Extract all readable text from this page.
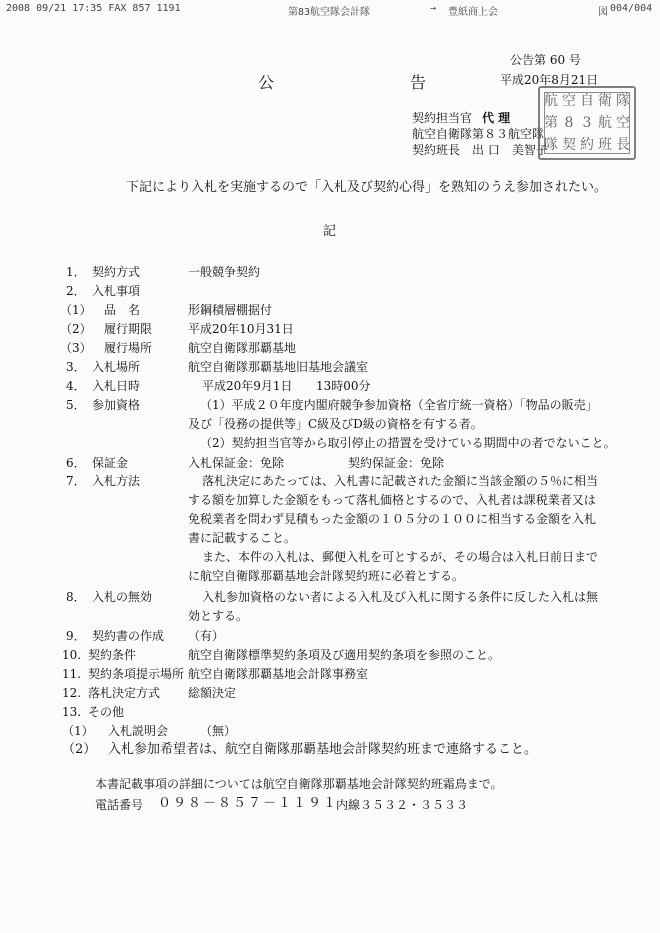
2008 09/21 17:35 FAX 857 1191	第83航空隊会計隊	→ 豊紙商上会	図 004/004
公告第 60 号
平成20年8月21日
公　告
契約担当官 代 理
航空自衛隊第８３航空隊
契約班長　出 口　美智子
航 空 自 衛 隊
第 8 3 航 空
隊 契 約 班 長
下記により入札を実施するので「入札及び契約心得」を熟知のうえ参加されたい。
記
1． 契約方式	一般競争契約
2． 入札事項
（1） 品　名	形鋼積層棚据付
（2） 履行期限	平成20年10月31日
（3） 履行場所	航空自衛隊那覇基地
3． 入札場所	航空自衛隊那覇基地旧基地会議室
4． 入札日時	平成20年9月1日 13時00分
5． 参加資格	（1）平成２０年度内閣府競争参加資格（全省庁統一資格）「物品の販売」
及び「役務の提供等」C級及びD級の資格を有する者。
（2）契約担当官等から取引停止の措置を受けている期間中の者でないこと。
6． 保証金	入札保証金：免除	契約保証金：免除
7． 入札方法	落札決定にあたっては、入札書に記載された金額に当該金額の５％に相当
する額を加算した金額をもって落札価格とするので、入札者は課税業者又は
免税業者を問わず見積もった金額の１０５分の１００に相当する金額を入札
書に記載すること。
また、本件の入札は、郵便入札を可とするが、その場合は入札日前日まで
に航空自衛隊那覇基地会計隊契約班に必着とする。
8． 入札の無効	入札参加資格のない者による入札及び入札に関する条件に反した入札は無
効とする。
9． 契約書の作成 （有）
10. 契約条件	航空自衛隊標準契約条項及び適用契約条項を参照のこと。
11. 契約条項提示場所 航空自衛隊那覇基地会計隊事務室
12. 落札決定方式 総額決定
13. その他
（1） 入札説明会	（無）
（2） 入札参加希望者は、航空自衛隊那覇基地会計隊契約班まで連絡すること。
本書記載事項の詳細については航空自衛隊那覇基地会計隊契約班霜鳥まで。
電話番号 ０９８－８５７－１１９１
内線３５３２・３５３３
